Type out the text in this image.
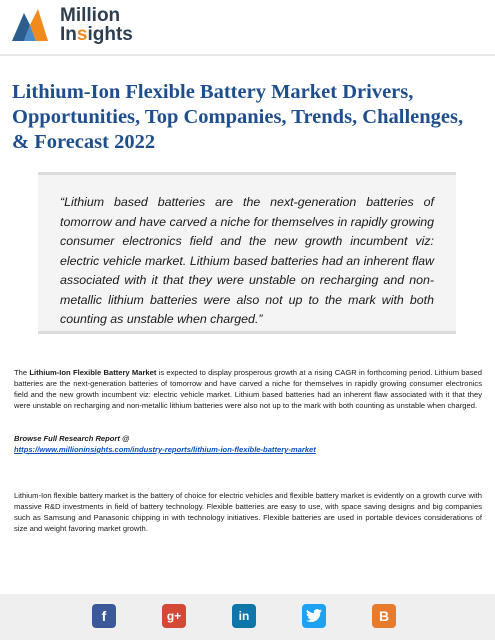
Million
Insights
Lithium-Ion Flexible Battery Market Drivers, Opportunities, Top Companies, Trends, Challenges, & Forecast 2022
“Lithium based batteries are the next-generation batteries of tomorrow and have carved a niche for themselves in rapidly growing consumer electronics field and the new growth incumbent viz: electric vehicle market. Lithium based batteries had an inherent flaw associated with it that they were unstable on recharging and non-metallic lithium batteries were also not up to the mark with both counting as unstable when charged.”

The Lithium-Ion Flexible Battery Market is expected to display prosperous growth at a rising CAGR in forthcoming period. Lithium based batteries are the next-generation batteries of tomorrow and have carved a niche for themselves in rapidly growing consumer electronics field and the new growth incumbent viz: electric vehicle market. Lithium based batteries had an inherent flaw associated with it that they were unstable on recharging and non-metallic lithium batteries were also not up to the mark with both counting as unstable when charged.

Browse Full Research Report @
https://www.millioninsights.com/industry-reports/lithium-ion-flexible-battery-market

Lithium-Ion flexible battery market is the battery of choice for electric vehicles and flexible battery market is evidently on a growth curve with massive R&D investments in field of battery technology. Flexible batteries are easy to use, with space saving designs and big companies such as Samsung and Panasonic chipping in with technology initiatives. Flexible batteries are used in portable devices considerations of size and weight favoring market growth.

f	g+	in	B
